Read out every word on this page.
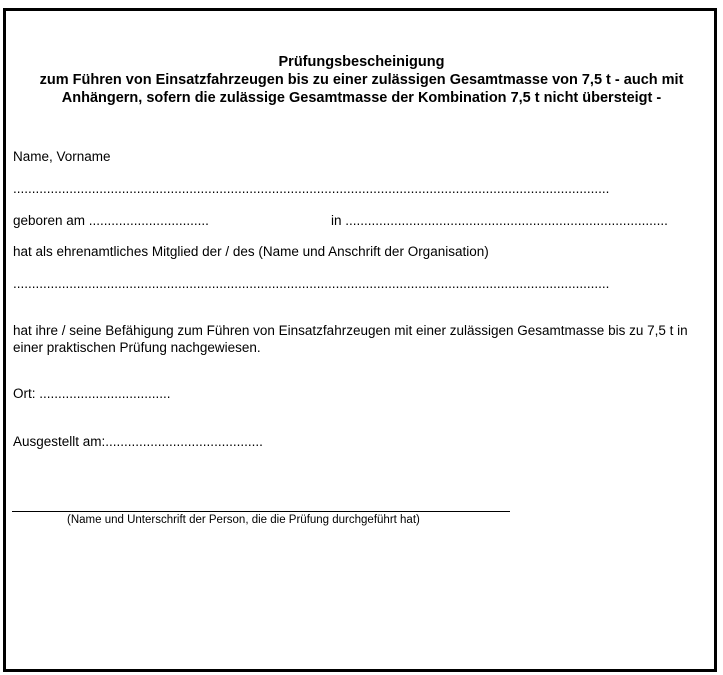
Prüfungsbescheinigung
zum Führen von Einsatzfahrzeugen bis zu einer zulässigen Gesamtmasse von 7,5 t - auch mit
Anhängern, sofern die zulässige Gesamtmasse der Kombination 7,5 t nicht übersteigt -
Name, Vorname
...............................................................................................................................................................
geboren am ................................	in ......................................................................................
hat als ehrenamtliches Mitglied der / des (Name und Anschrift der Organisation)
...............................................................................................................................................................
hat ihre / seine Befähigung zum Führen von Einsatzfahrzeugen mit einer zulässigen Gesamtmasse bis zu 7,5 t in
einer praktischen Prüfung nachgewiesen.
Ort: ...................................
Ausgestellt am:..........................................
(Name und Unterschrift der Person, die die Prüfung durchgeführt hat)
